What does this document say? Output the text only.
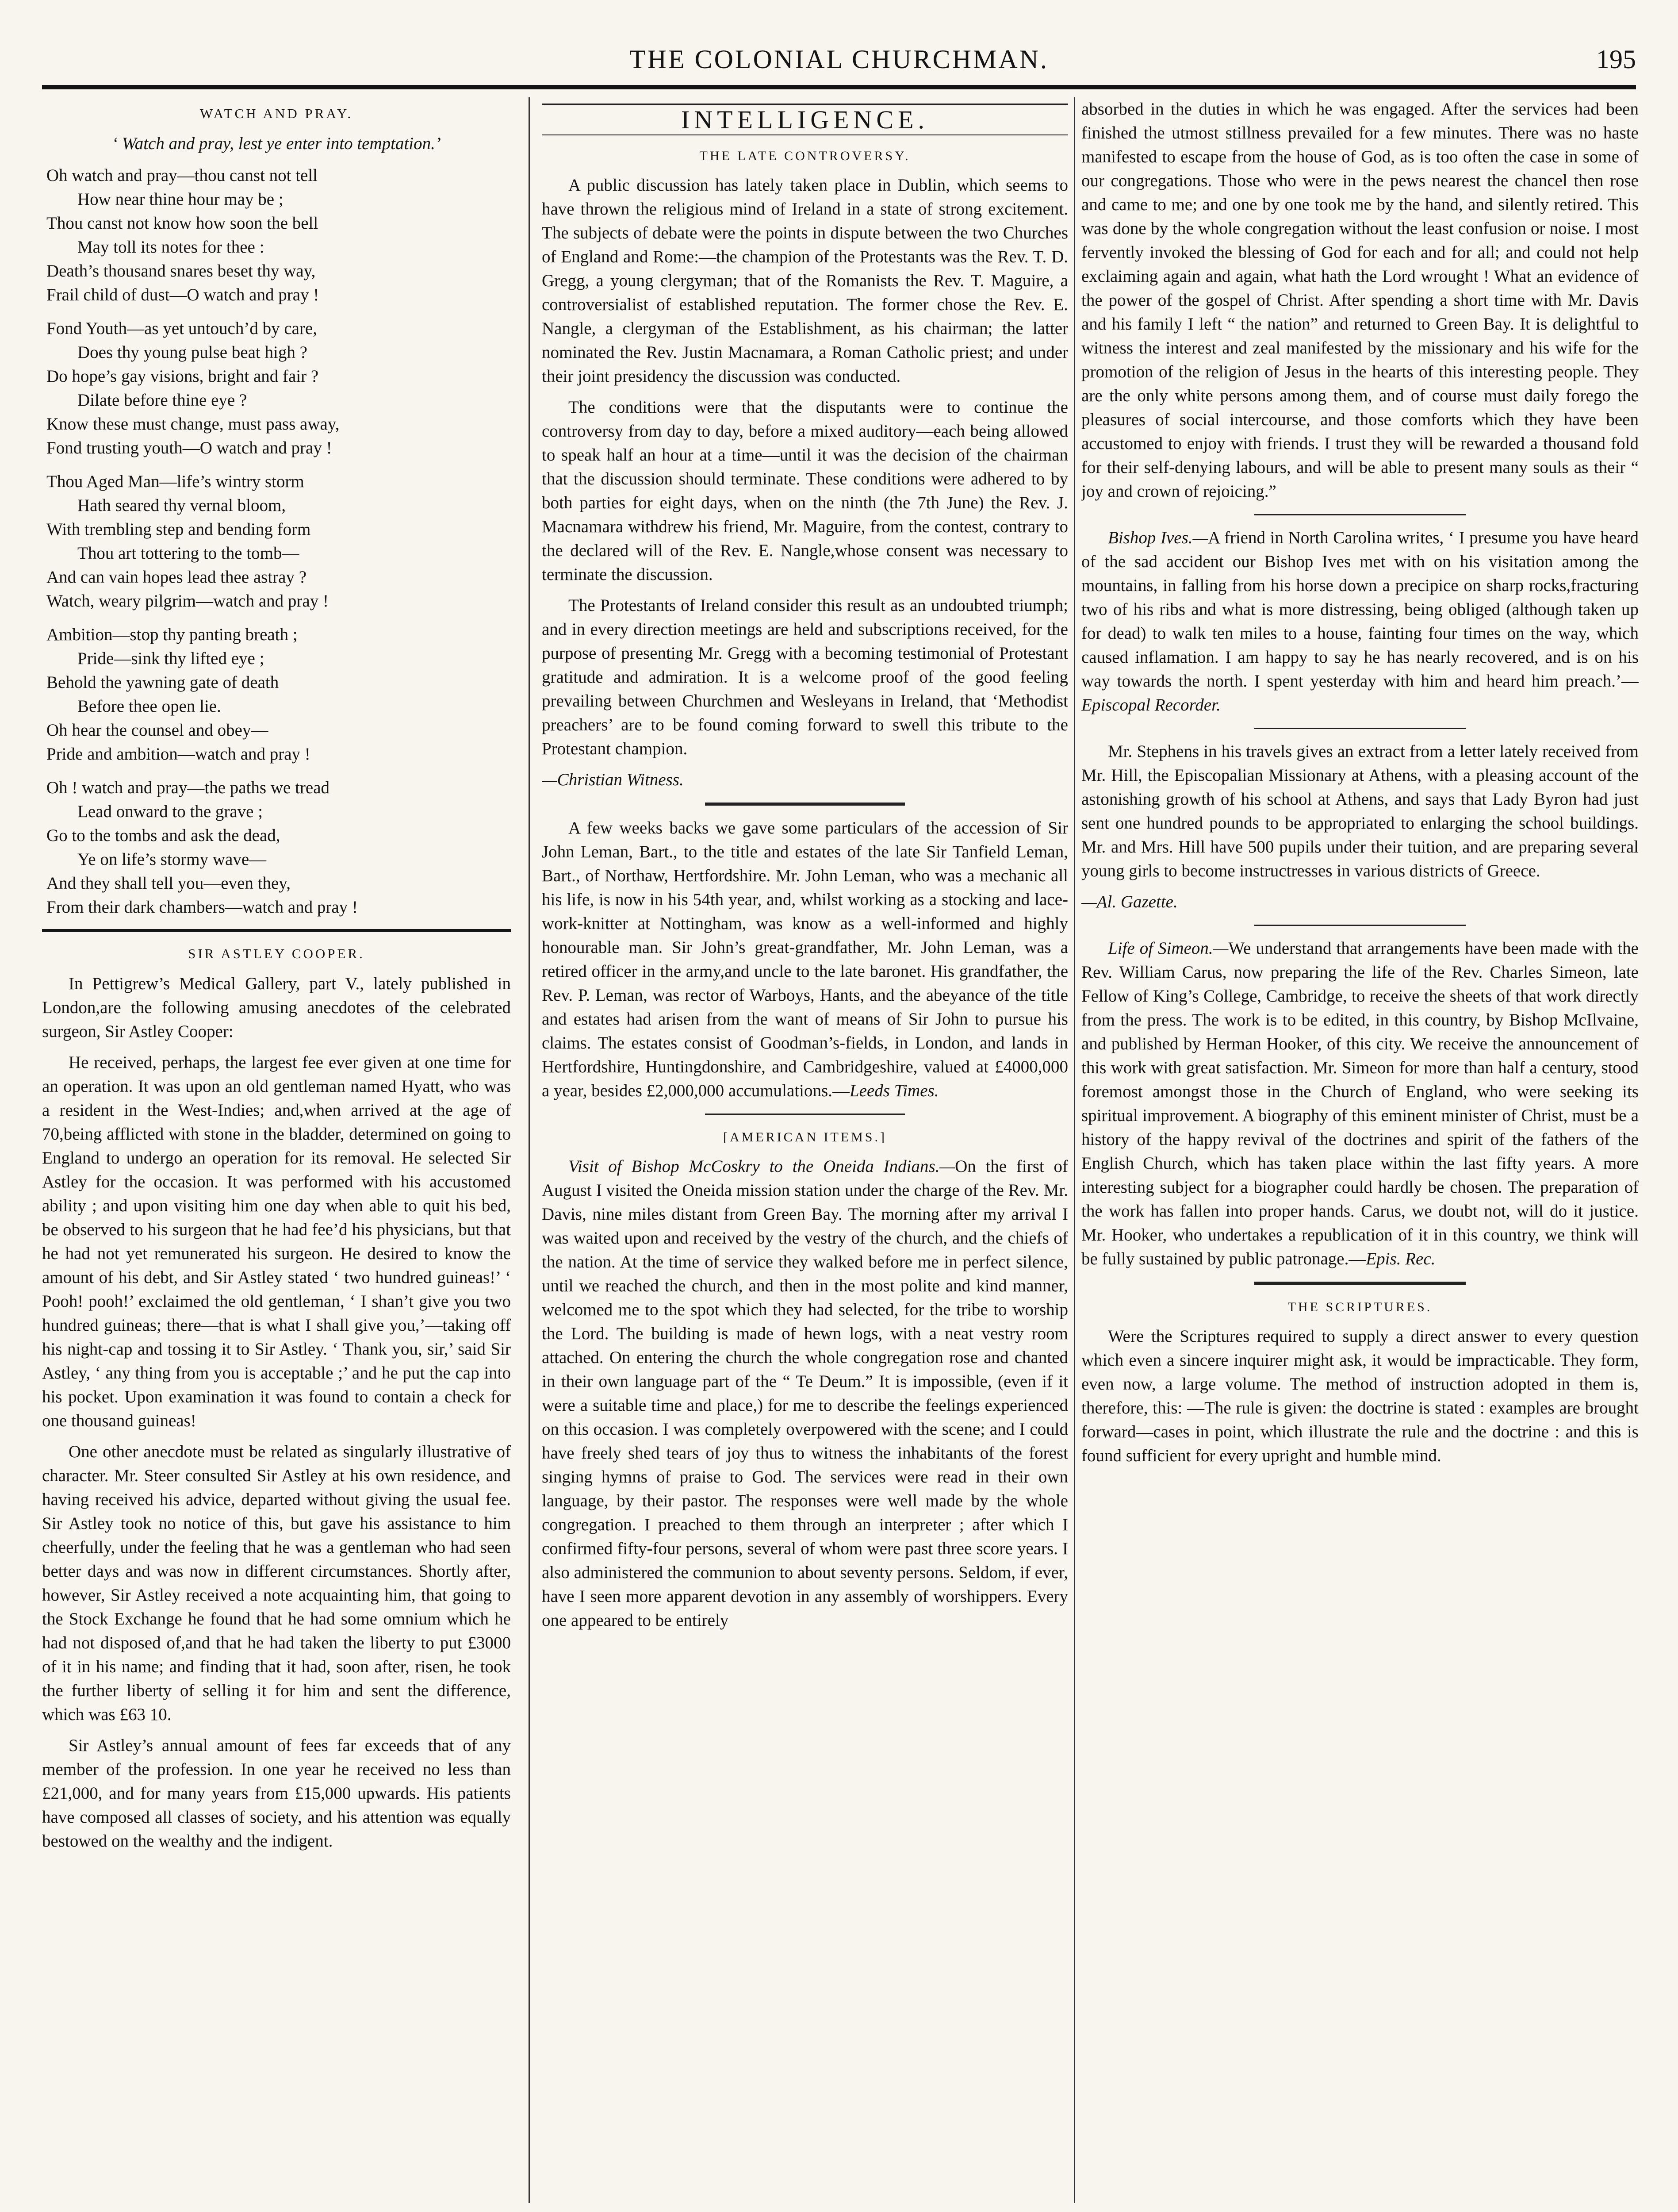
THE COLONIAL CHURCHMAN.	195
WATCH AND PRAY.
‘ Watch and pray, lest ye enter into temptation.’
Oh watch and pray—thou canst not tell
How near thine hour may be ;
Thou canst not know how soon the bell
May toll its notes for thee :
Death’s thousand snares beset thy way,
Frail child of dust—O watch and pray !
Fond Youth—as yet untouch’d by care,
Does thy young pulse beat high ?
Do hope’s gay visions, bright and fair ?
Dilate before thine eye ?
Know these must change, must pass away,
Fond trusting youth—O watch and pray !
Thou Aged Man—life’s wintry storm
Hath seared thy vernal bloom,
With trembling step and bending form
Thou art tottering to the tomb—
And can vain hopes lead thee astray ?
Watch, weary pilgrim—watch and pray !
Ambition—stop thy panting breath ;
Pride—sink thy lifted eye ;
Behold the yawning gate of death
Before thee open lie.
Oh hear the counsel and obey—
Pride and ambition—watch and pray !
Oh ! watch and pray—the paths we tread
Lead onward to the grave ;
Go to the tombs and ask the dead,
Ye on life’s stormy wave—
And they shall tell you—even they,
From their dark chambers—watch and pray !
SIR ASTLEY COOPER.

In Pettigrew’s Medical Gallery, part V., lately published in London,are the following amusing anecdotes of the celebrated surgeon, Sir Astley Cooper:

He received, perhaps, the largest fee ever given at one time for an operation. It was upon an old gentleman named Hyatt, who was a resident in the West-Indies; and,when arrived at the age of 70,being afflicted with stone in the bladder, determined on going to England to undergo an operation for its removal. He selected Sir Astley for the occasion. It was performed with his accustomed ability ; and upon visiting him one day when able to quit his bed, be observed to his surgeon that he had fee’d his physicians, but that he had not yet remunerated his surgeon. He desired to know the amount of his debt, and Sir Astley stated ‘ two hundred guineas!’ ‘ Pooh! pooh!’ exclaimed the old gentleman, ‘ I shan’t give you two hundred guineas; there—that is what I shall give you,’—taking off his night-cap and tossing it to Sir Astley. ‘ Thank you, sir,’ said Sir Astley, ‘ any thing from you is acceptable ;’ and he put the cap into his pocket. Upon examination it was found to contain a check for one thousand guineas!

One other anecdote must be related as singularly illustrative of character. Mr. Steer consulted Sir Astley at his own residence, and having received his advice, departed without giving the usual fee. Sir Astley took no notice of this, but gave his assistance to him cheerfully, under the feeling that he was a gentleman who had seen better days and was now in different circumstances. Shortly after, however, Sir Astley received a note acquainting him, that going to the Stock Exchange he found that he had some omnium which he had not disposed of,and that he had taken the liberty to put £3000 of it in his name; and finding that it had, soon after, risen, he took the further liberty of selling it for him and sent the difference, which was £63 10.

Sir Astley’s annual amount of fees far exceeds that of any member of the profession. In one year he received no less than £21,000, and for many years from £15,000 upwards. His patients have composed all classes of society, and his attention was equally bestowed on the wealthy and the indigent.

INTELLIGENCE.
THE LATE CONTROVERSY.

A public discussion has lately taken place in Dublin, which seems to have thrown the religious mind of Ireland in a state of strong excitement. The subjects of debate were the points in dispute between the two Churches of England and Rome:—the champion of the Protestants was the Rev. T. D. Gregg, a young clergyman; that of the Romanists the Rev. T. Maguire, a controversialist of established reputation. The former chose the Rev. E. Nangle, a clergyman of the Establishment, as his chairman; the latter nominated the Rev. Justin Macnamara, a Roman Catholic priest; and under their joint presidency the discussion was conducted.

The conditions were that the disputants were to continue the controversy from day to day, before a mixed auditory—each being allowed to speak half an hour at a time—until it was the decision of the chairman that the discussion should terminate. These conditions were adhered to by both parties for eight days, when on the ninth (the 7th June) the Rev. J. Macnamara withdrew his friend, Mr. Maguire, from the contest, contrary to the declared will of the Rev. E. Nangle,whose consent was necessary to terminate the discussion.

The Protestants of Ireland consider this result as an undoubted triumph; and in every direction meetings are held and subscriptions received, for the purpose of presenting Mr. Gregg with a becoming testimonial of Protestant gratitude and admiration. It is a welcome proof of the good feeling prevailing between Churchmen and Wesleyans in Ireland, that ‘Methodist preachers’ are to be found coming forward to swell this tribute to the Protestant champion.

—Christian Witness.

A few weeks backs we gave some particulars of the accession of Sir John Leman, Bart., to the title and estates of the late Sir Tanfield Leman, Bart., of Northaw, Hertfordshire. Mr. John Leman, who was a mechanic all his life, is now in his 54th year, and, whilst working as a stocking and lace-work-knitter at Nottingham, was know as a well-informed and highly honourable man. Sir John’s great-grandfather, Mr. John Leman, was a retired officer in the army,and uncle to the late baronet. His grandfather, the Rev. P. Leman, was rector of Warboys, Hants, and the abeyance of the title and estates had arisen from the want of means of Sir John to pursue his claims. The estates consist of Goodman’s-fields, in London, and lands in Hertfordshire, Huntingdonshire, and Cambridgeshire, valued at £4000,000 a year, besides £2,000,000 accumulations.—Leeds Times.

[AMERICAN ITEMS.]

Visit of Bishop McCoskry to the Oneida Indians.—On the first of August I visited the Oneida mission station under the charge of the Rev. Mr. Davis, nine miles distant from Green Bay. The morning after my arrival I was waited upon and received by the vestry of the church, and the chiefs of the nation. At the time of service they walked before me in perfect silence, until we reached the church, and then in the most polite and kind manner, welcomed me to the spot which they had selected, for the tribe to worship the Lord. The building is made of hewn logs, with a neat vestry room attached. On entering the church the whole congregation rose and chanted in their own language part of the “ Te Deum.” It is impossible, (even if it were a suitable time and place,) for me to describe the feelings experienced on this occasion. I was completely overpowered with the scene; and I could have freely shed tears of joy thus to witness the inhabitants of the forest singing hymns of praise to God. The services were read in their own language, by their pastor. The responses were well made by the whole congregation. I preached to them through an interpreter ; after which I confirmed fifty-four persons, several of whom were past three score years. I also administered the communion to about seventy persons. Seldom, if ever, have I seen more apparent devotion in any assembly of worshippers. Every one appeared to be entirely

absorbed in the duties in which he was engaged. After the services had been finished the utmost stillness prevailed for a few minutes. There was no haste manifested to escape from the house of God, as is too often the case in some of our congregations. Those who were in the pews nearest the chancel then rose and came to me; and one by one took me by the hand, and silently retired. This was done by the whole congregation without the least confusion or noise. I most fervently invoked the blessing of God for each and for all; and could not help exclaiming again and again, what hath the Lord wrought ! What an evidence of the power of the gospel of Christ. After spending a short time with Mr. Davis and his family I left “ the nation” and returned to Green Bay. It is delightful to witness the interest and zeal manifested by the missionary and his wife for the promotion of the religion of Jesus in the hearts of this interesting people. They are the only white persons among them, and of course must daily forego the pleasures of social intercourse, and those comforts which they have been accustomed to enjoy with friends. I trust they will be rewarded a thousand fold for their self-denying labours, and will be able to present many souls as their “ joy and crown of rejoicing.”

Bishop Ives.—A friend in North Carolina writes, ‘ I presume you have heard of the sad accident our Bishop Ives met with on his visitation among the mountains, in falling from his horse down a precipice on sharp rocks,fracturing two of his ribs and what is more distressing, being obliged (although taken up for dead) to walk ten miles to a house, fainting four times on the way, which caused inflamation. I am happy to say he has nearly recovered, and is on his way towards the north. I spent yesterday with him and heard him preach.’—Episcopal Recorder.

Mr. Stephens in his travels gives an extract from a letter lately received from Mr. Hill, the Episcopalian Missionary at Athens, with a pleasing account of the astonishing growth of his school at Athens, and says that Lady Byron had just sent one hundred pounds to be appropriated to enlarging the school buildings. Mr. and Mrs. Hill have 500 pupils under their tuition, and are preparing several young girls to become instructresses in various districts of Greece.

—Al. Gazette.

Life of Simeon.—We understand that arrangements have been made with the Rev. William Carus, now preparing the life of the Rev. Charles Simeon, late Fellow of King’s College, Cambridge, to receive the sheets of that work directly from the press. The work is to be edited, in this country, by Bishop McIlvaine, and published by Herman Hooker, of this city. We receive the announcement of this work with great satisfaction. Mr. Simeon for more than half a century, stood foremost amongst those in the Church of England, who were seeking its spiritual improvement. A biography of this eminent minister of Christ, must be a history of the happy revival of the doctrines and spirit of the fathers of the English Church, which has taken place within the last fifty years. A more interesting subject for a biographer could hardly be chosen. The preparation of the work has fallen into proper hands. Carus, we doubt not, will do it justice. Mr. Hooker, who undertakes a republication of it in this country, we think will be fully sustained by public patronage.—Epis. Rec.

THE SCRIPTURES.

Were the Scriptures required to supply a direct answer to every question which even a sincere inquirer might ask, it would be impracticable. They form, even now, a large volume. The method of instruction adopted in them is, therefore, this: —The rule is given: the doctrine is stated : examples are brought forward—cases in point, which illustrate the rule and the doctrine : and this is found sufficient for every upright and humble mind.
